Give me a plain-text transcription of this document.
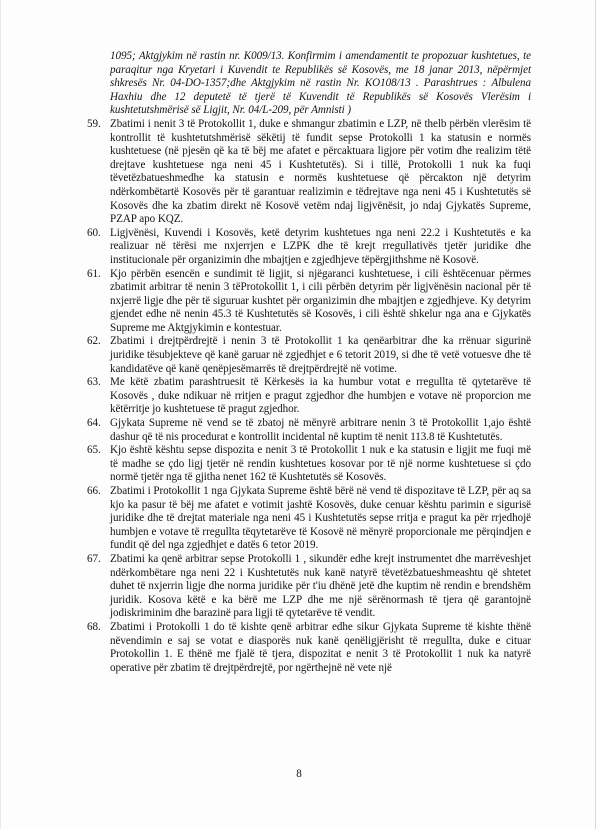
1095; Aktgjykim në rastin nr. K009/13. Konfirmim i amendamentit te propozuar kushtetues, te paraqitur nga Kryetari i Kuvendit te Republikës së Kosovës, me 18 janar 2013, nëpërmjet shkresës Nr. 04-DO-1357;dhe Aktgjykim në rastin Nr. KO108/13 . Parashtrues : Albulena Haxhiu dhe 12 deputetë të tjerë të Kuvendit të Republikës së Kosovës Vlerësim i kushtetutshmërisë së Ligjit, Nr. 04/L-209, për Amnisti )
59. Zbatimi i nenit 3 të Protokollit 1, duke e shmangur zbatimin e LZP, në thelb përbën vlerësim të kontrollit të kushtetutshmërisë sëkëtij të fundit sepse Protokolli 1 ka statusin e normës kushtetuese (në pjesën që ka të bëj me afatet e përcaktuara ligjore për votim dhe realizim tëtë drejtave kushtetuese nga neni 45 i Kushtetutës). Si i tillë, Protokolli 1 nuk ka fuqi tëvetëzbatueshmedhe ka statusin e normës kushtetuese që përcakton një detyrim ndërkombëtartë Kosovës për të garantuar realizimin e tëdrejtave nga neni 45 i Kushtetutës së Kosovës dhe ka zbatim direkt në Kosovë vetëm ndaj ligjvënësit, jo ndaj Gjykatës Supreme, PZAP apo KQZ.
60. Ligjvënësi, Kuvendi i Kosovës, ketë detyrim kushtetues nga neni 22.2 i Kushtetutës e ka realizuar në tërësi me nxjerrjen e LZPK dhe të krejt rregullativës tjetër juridike dhe institucionale për organizimin dhe mbajtjen e zgjedhjeve tëpërgjithshme në Kosovë.
61. Kjo përbën esencën e sundimit të ligjit, si njëgaranci kushtetuese, i cili ështëcenuar përmes zbatimit arbitrar të nenin 3 tëProtokollit 1, i cili përbën detyrim për ligjvënësin nacional për të nxjerrë ligje dhe për të siguruar kushtet për organizimin dhe mbajtjen e zgjedhjeve. Ky detyrim gjendet edhe në nenin 45.3 të Kushtetutës së Kosovës, i cili është shkelur nga ana e Gjykatës Supreme me Aktgjykimin e kontestuar.
62. Zbatimi i drejtpërdrejtë i nenin 3 të Protokollit 1 ka qenëarbitrar dhe ka rrënuar sigurinë juridike tësubjekteve që kanë garuar në zgjedhjet e 6 tetorit 2019, si dhe të vetë votuesve dhe të kandidatëve që kanë qenëpjesëmarrës të drejtpërdrejtë në votime.
63. Me këtë zbatim parashtruesit të Kërkesës ia ka humbur votat e rregullta të qytetarëve të Kosovës , duke ndikuar në rritjen e pragut zgjedhor dhe humbjen e votave në proporcion me këtërritje jo kushtetuese të pragut zgjedhor.
64. Gjykata Supreme në vend se të zbatoj në mënyrë arbitrare nenin 3 të Protokollit 1,ajo është dashur që të nis procedurat e kontrollit incidental në kuptim të nenit 113.8 të Kushtetutës.
65. Kjo është kështu sepse dispozita e nenit 3 të Protokollit 1 nuk e ka statusin e ligjit me fuqi më të madhe se çdo ligj tjetër në rendin kushtetues kosovar por të një norme kushtetuese si çdo normë tjetër nga të gjitha nenet 162 të Kushtetutës së Kosovës.
66. Zbatimi i Protokollit 1 nga Gjykata Supreme është bërë në vend të dispozitave të LZP, për aq sa kjo ka pasur të bëj me afatet e votimit jashtë Kosovës, duke cenuar kështu parimin e sigurisë juridike dhe të drejtat materiale nga neni 45 i Kushtetutës sepse rritja e pragut ka për rrjedhojë humbjen e votave të rregullta tëqytetarëve të Kosovë në mënyrë proporcionale me përqindjen e fundit që del nga zgjedhjet e datës 6 tetor 2019.
67. Zbatimi ka qenë arbitrar sepse Protokolli 1 , sikundër edhe krejt instrumentet dhe marrëveshjet ndërkombëtare nga neni 22 i Kushtetutës nuk kanë natyrë tëvetëzbatueshmeashtu që shtetet duhet të nxjerrin ligje dhe norma juridike për t'iu dhënë jetë dhe kuptim në rendin e brendshëm juridik. Kosova këtë e ka bërë me LZP dhe me një sërënormash të tjera që garantojnë jodiskriminim dhe barazinë para ligji të qytetarëve të vendit.
68. Zbatimi i Protokolli 1 do të kishte qenë arbitrar edhe sikur Gjykata Supreme të kishte thënë nëvendimin e saj se votat e diasporës nuk kanë qenëligjërisht të rregullta, duke e cituar Protokollin 1. E thënë me fjalë të tjera, dispozitat e nenit 3 të Protokollit 1 nuk ka natyrë operative për zbatim të drejtpërdrejtë, por ngërthejnë në vete një
8
